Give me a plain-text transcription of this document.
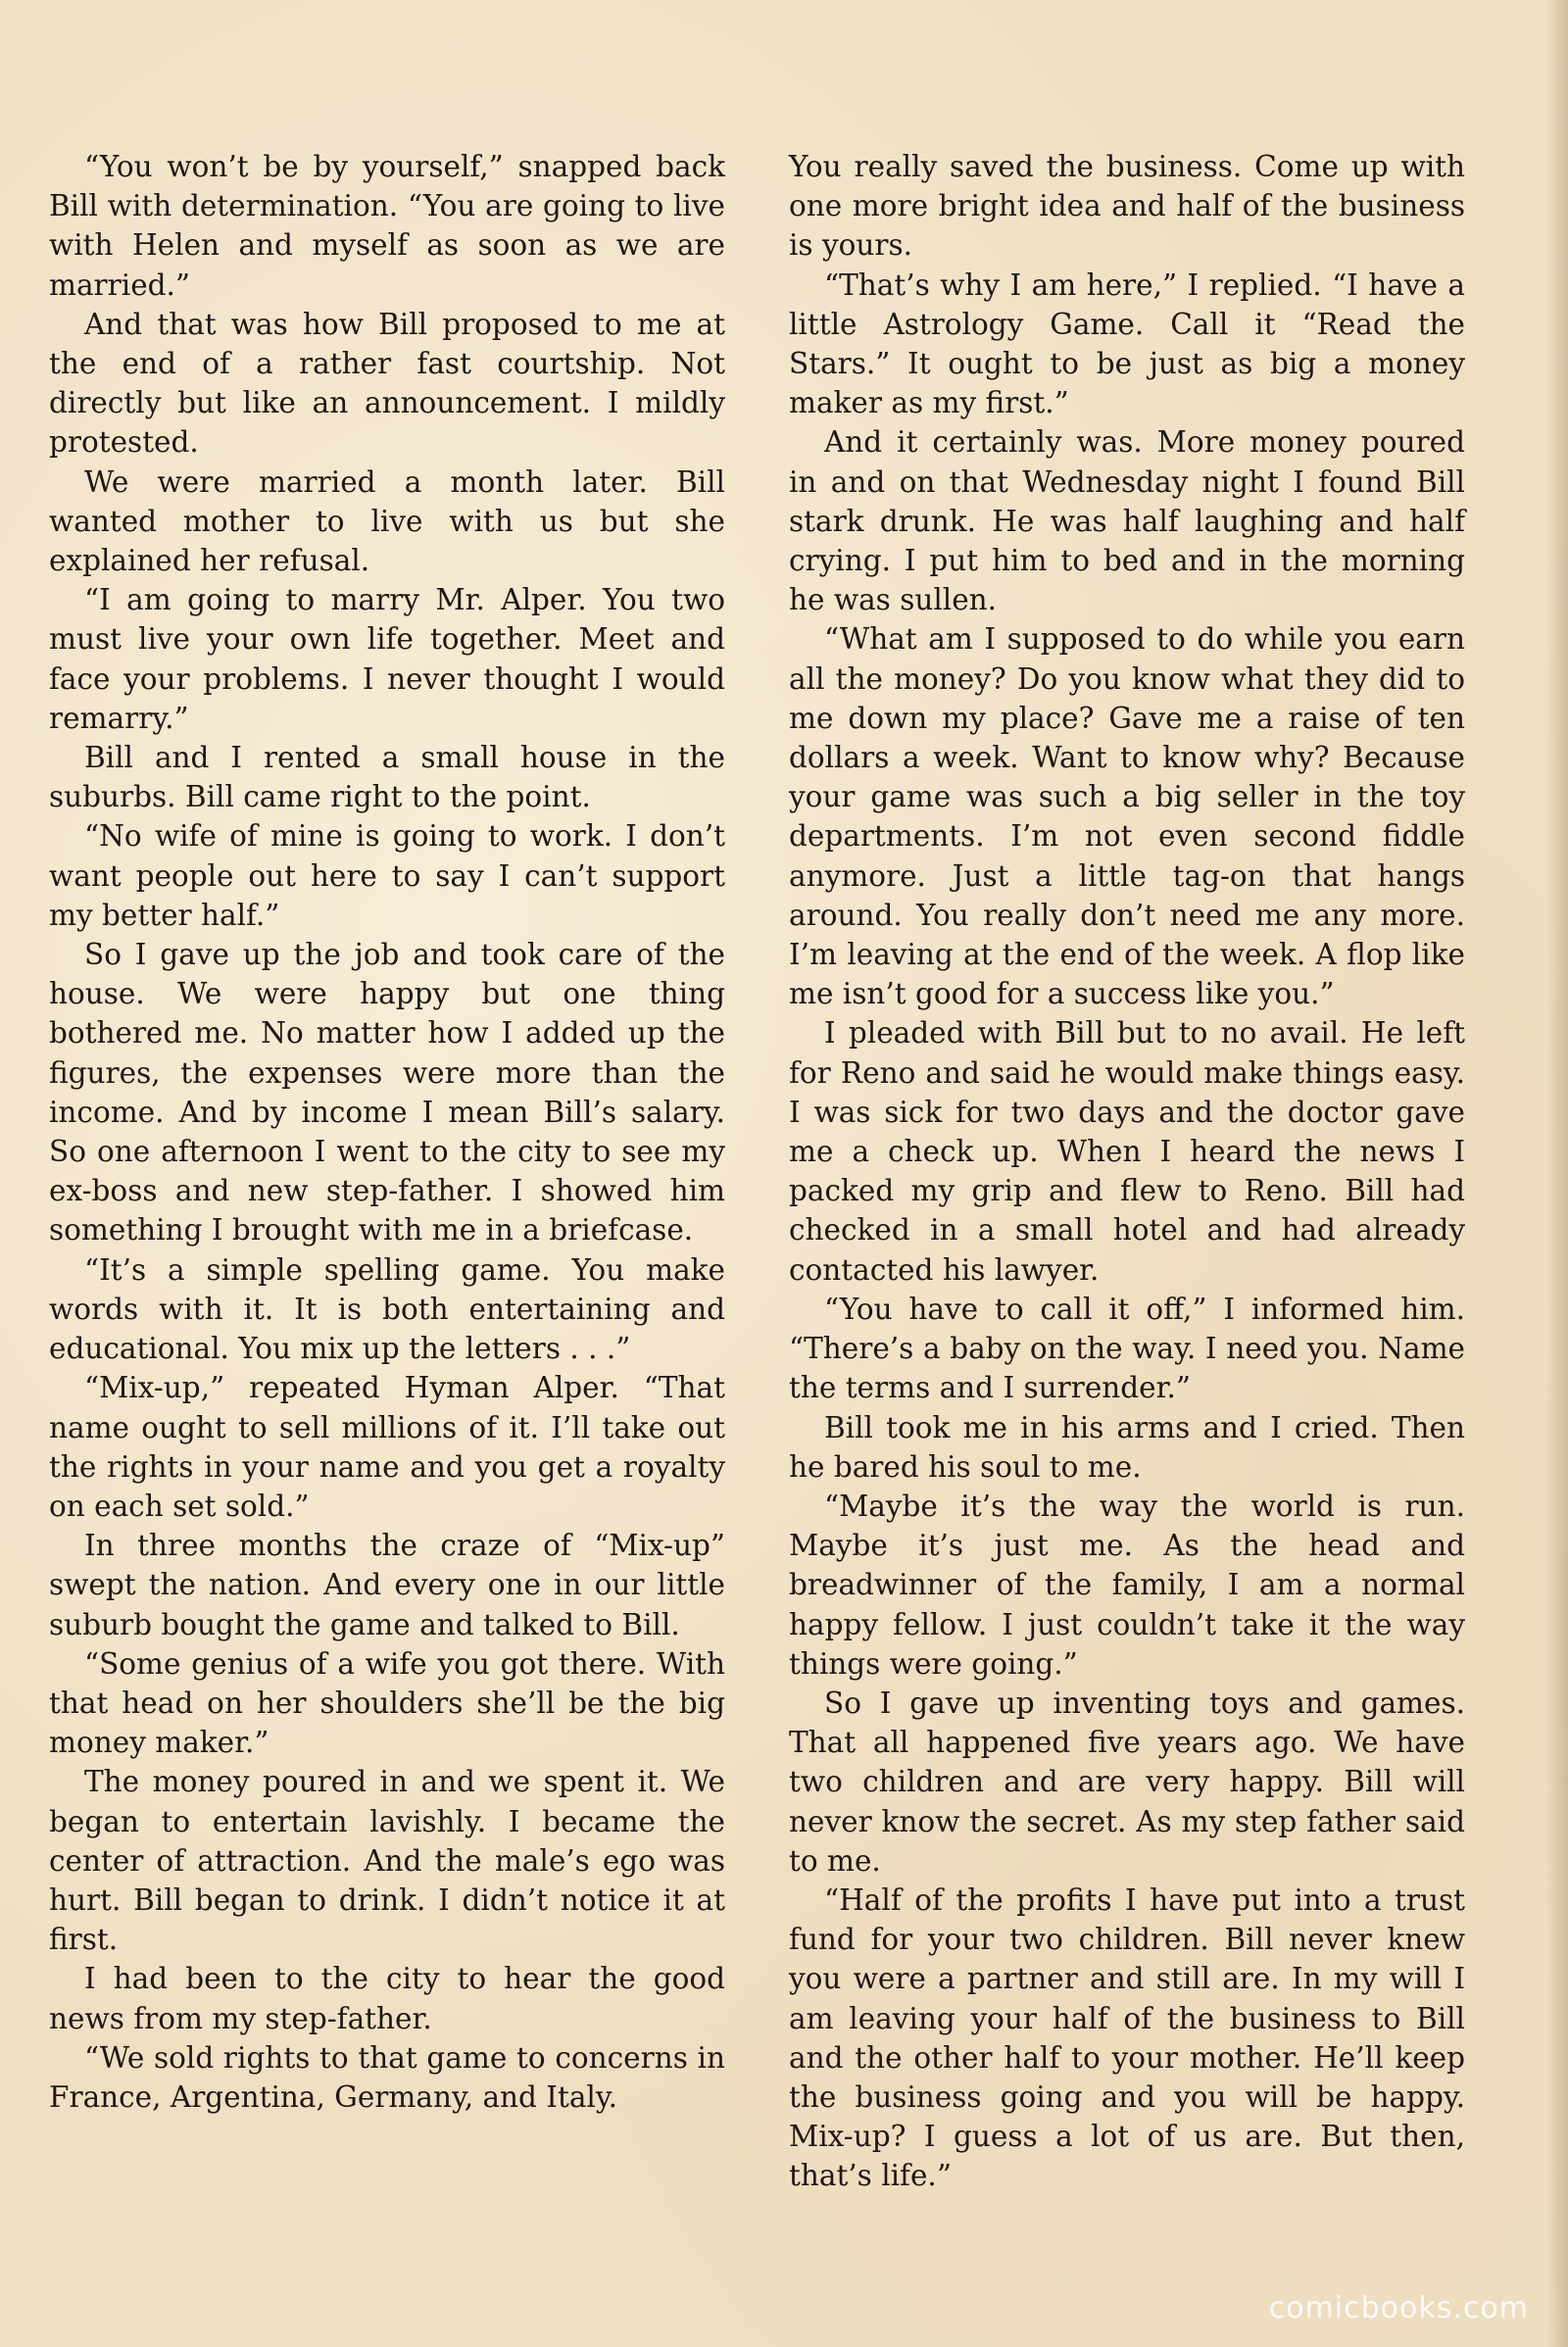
“You won’t be by yourself,” snapped back Bill with determination. “You are going to live with Helen and myself as soon as we are married.”

And that was how Bill proposed to me at the end of a rather fast courtship. Not directly but like an announcement. I mildly protested.

We were married a month later. Bill wanted mother to live with us but she explained her refusal.

“I am going to marry Mr. Alper. You two must live your own life together. Meet and face your problems. I never thought I would remarry.”

Bill and I rented a small house in the suburbs. Bill came right to the point.

“No wife of mine is going to work. I don’t want people out here to say I can’t support my better half.”

So I gave up the job and took care of the house. We were happy but one thing bothered me. No matter how I added up the figures, the expenses were more than the income. And by income I mean Bill’s salary. So one afternoon I went to the city to see my ex-boss and new step-father. I showed him something I brought with me in a briefcase.

“It’s a simple spelling game. You make words with it. It is both entertaining and educational. You mix up the letters . . .”

“Mix-up,” repeated Hyman Alper. “That name ought to sell millions of it. I’ll take out the rights in your name and you get a royalty on each set sold.”

In three months the craze of “Mix-up” swept the nation. And every one in our little suburb bought the game and talked to Bill.

“Some genius of a wife you got there. With that head on her shoulders she’ll be the big money maker.”

The money poured in and we spent it. We began to entertain lavishly. I became the center of attraction. And the male’s ego was hurt. Bill began to drink. I didn’t notice it at first.

I had been to the city to hear the good news from my step-father.

“We sold rights to that game to concerns in France, Argentina, Germany, and Italy.

You really saved the business. Come up with one more bright idea and half of the business is yours.

“That’s why I am here,” I replied. “I have a little Astrology Game. Call it “Read the Stars.” It ought to be just as big a money maker as my first.”

And it certainly was. More money poured in and on that Wednesday night I found Bill stark drunk. He was half laughing and half crying. I put him to bed and in the morning he was sullen.

“What am I supposed to do while you earn all the money? Do you know what they did to me down my place? Gave me a raise of ten dollars a week. Want to know why? Because your game was such a big seller in the toy departments. I’m not even second fiddle anymore. Just a little tag-on that hangs around. You really don’t need me any more. I’m leaving at the end of the week. A flop like me isn’t good for a success like you.”

I pleaded with Bill but to no avail. He left for Reno and said he would make things easy. I was sick for two days and the doctor gave me a check up. When I heard the news I packed my grip and flew to Reno. Bill had checked in a small hotel and had already contacted his lawyer.

“You have to call it off,” I informed him. “There’s a baby on the way. I need you. Name the terms and I surrender.”

Bill took me in his arms and I cried. Then he bared his soul to me.

“Maybe it’s the way the world is run. Maybe it’s just me. As the head and breadwinner of the family, I am a normal happy fellow. I just couldn’t take it the way things were going.”

So I gave up inventing toys and games. That all happened five years ago. We have two children and are very happy. Bill will never know the secret. As my step father said to me.

“Half of the profits I have put into a trust fund for your two children. Bill never knew you were a partner and still are. In my will I am leaving your half of the business to Bill and the other half to your mother. He’ll keep the business going and you will be happy. Mix-up? I guess a lot of us are. But then, that’s life.”

comicbooks.com
